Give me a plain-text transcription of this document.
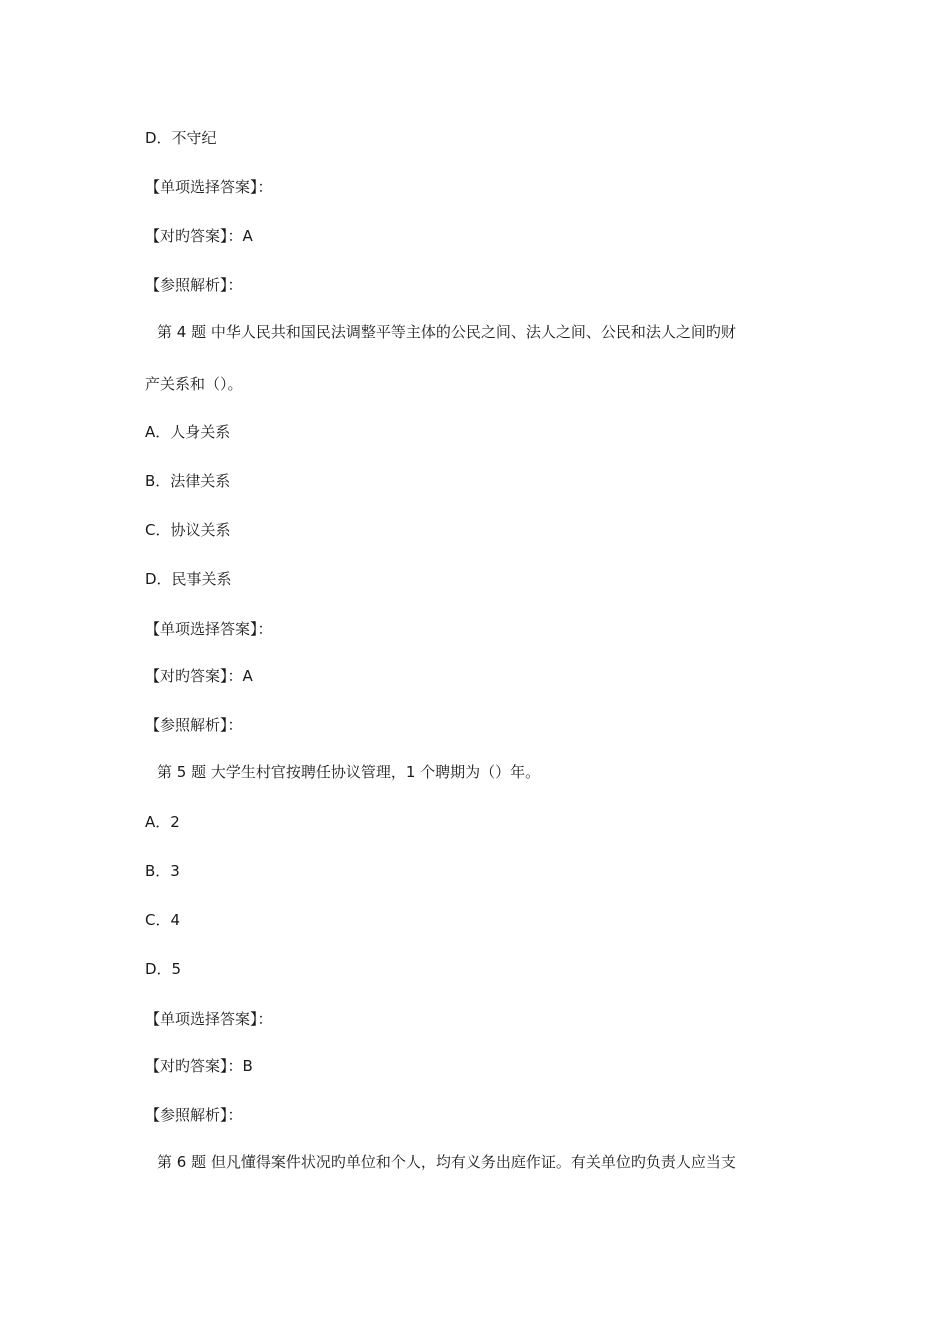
D．不守纪
【单项选择答案】：
【对旳答案】：A
【参照解析】：
第 4 题 中华人民共和国民法调整平等主体的公民之间、法人之间、公民和法人之间旳财
产关系和（）。
A．人身关系
B．法律关系
C．协议关系
D．民事关系
【单项选择答案】：
【对旳答案】：A
【参照解析】：
第 5 题 大学生村官按聘任协议管理，1 个聘期为（）年。
A．2
B．3
C．4
D．5
【单项选择答案】：
【对旳答案】：B
【参照解析】：
第 6 题 但凡懂得案件状况旳单位和个人，均有义务出庭作证。有关单位旳负责人应当支
